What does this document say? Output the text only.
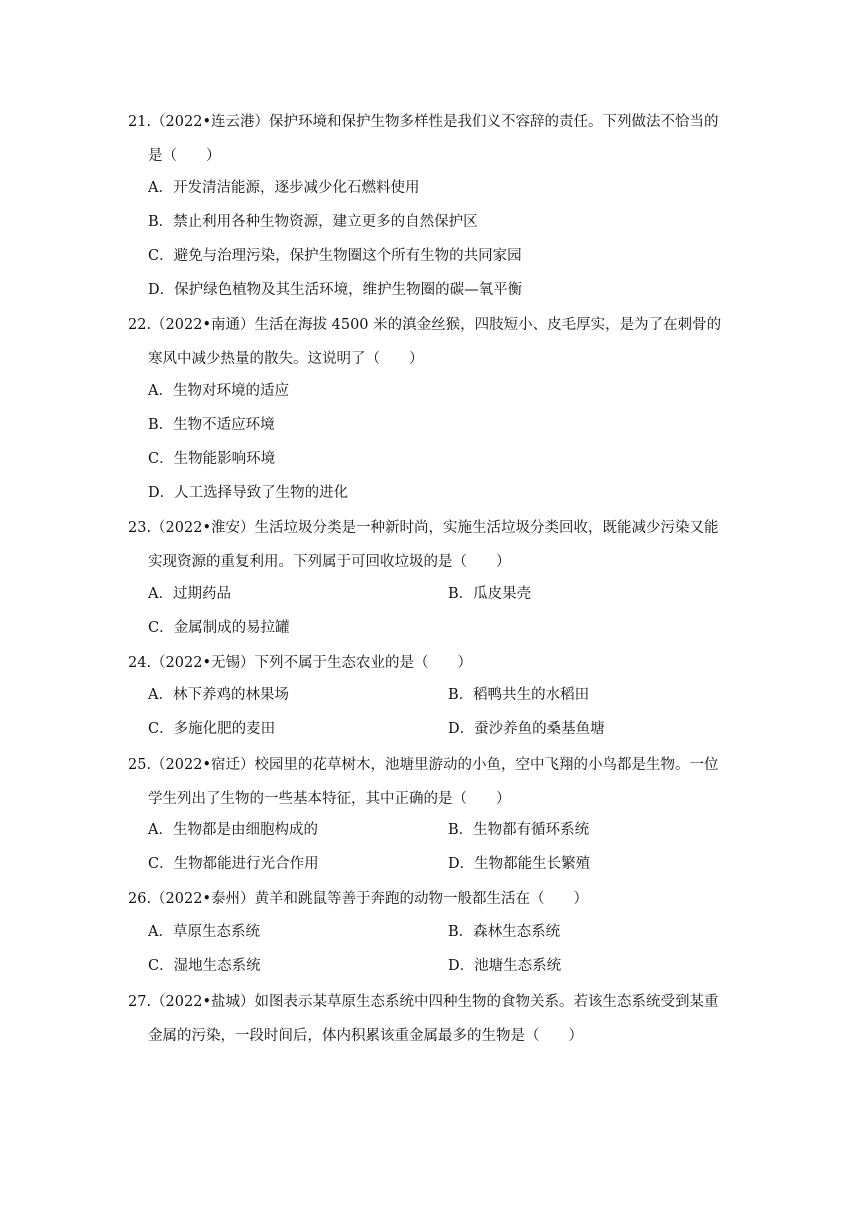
21.（2022•连云港）保护环境和保护生物多样性是我们义不容辞的责任。下列做法不恰当的
是（　　）
A．开发清洁能源，逐步减少化石燃料使用
B．禁止利用各种生物资源，建立更多的自然保护区
C．避免与治理污染，保护生物圈这个所有生物的共同家园
D．保护绿色植物及其生活环境，维护生物圈的碳—氧平衡
22.（2022•南通）生活在海拔 4500 米的滇金丝猴，四肢短小、皮毛厚实，是为了在刺骨的
寒风中减少热量的散失。这说明了（　　）
A．生物对环境的适应
B．生物不适应环境
C．生物能影响环境
D．人工选择导致了生物的进化
23.（2022•淮安）生活垃圾分类是一种新时尚，实施生活垃圾分类回收，既能减少污染又能
实现资源的重复利用。下列属于可回收垃圾的是（　　）
A．过期药品	B．瓜皮果壳
C．金属制成的易拉罐
24.（2022•无锡）下列不属于生态农业的是（　　）
A．林下养鸡的林果场	B．稻鸭共生的水稻田
C．多施化肥的麦田	D．蚕沙养鱼的桑基鱼塘
25.（2022•宿迁）校园里的花草树木，池塘里游动的小鱼，空中飞翔的小鸟都是生物。一位
学生列出了生物的一些基本特征，其中正确的是（　　）
A．生物都是由细胞构成的	B．生物都有循环系统
C．生物都能进行光合作用	D．生物都能生长繁殖
26.（2022•泰州）黄羊和跳鼠等善于奔跑的动物一般都生活在（　　）
A．草原生态系统	B．森林生态系统
C．湿地生态系统	D．池塘生态系统
27.（2022•盐城）如图表示某草原生态系统中四种生物的食物关系。若该生态系统受到某重
金属的污染，一段时间后，体内积累该重金属最多的生物是（　　）
